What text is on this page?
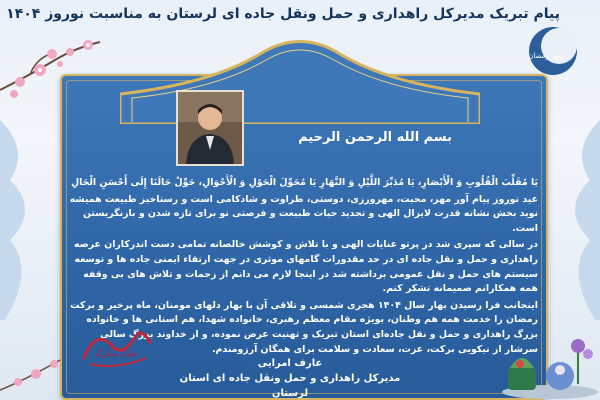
شهر رمضان
پیام تبریک مدیرکل راهداری و حمل ونقل جاده ای لرستان به مناسبت نوروز ۱۴۰۴
بسم الله الرحمن الرحیم

يَا مُقَلِّبَ الْقُلُوبِ وَ الْأَبْصَارِ، يَا مُدَبِّرَ اللَّيْلِ وَ النَّهَارِ يَا مُحَوِّلَ الْحَوْلِ وَ الْأَحْوَالِ، حَوِّلْ حَالَنَا إِلَى أَحْسَنِ الْحَالِ

عید نوروز پیام آور مهر، محبت، مهرورزی، دوستی، طراوت و شادکامی است و رستاخیز طبیعت همیشه نوید بخش نشانه قدرت لایزال الهی و تجدید حیات طبیعت و فرصتی نو برای تازه شدن و بازنگریستن است.

در سالی که سپری شد در پرتو عنایات الهی و با تلاش و کوشش خالصانه تمامی دست اندرکاران عرصه راهداری و حمل و نقل جاده ای در حد مقدورات گامهای موثری در جهت ارتقاء ایمنی جاده ها و توسعه سیستم های حمل و نقل عمومی برداشته شد در اینجا لازم می دانم از زحمات و تلاش های بی وقفه همه همکارانم صمیمانه تشکر کنم.

اینجانب فرا رسیدن بهار سال ۱۴۰۴ هجری شمسی و تلاقی آن با بهار دلهای مومنان، ماه پرخیر و برکت رمضان را خدمت همه هم وطنان، بویژه مقام معظم رهبری، خانواده شهدا، هم استانی ها و خانواده بزرگ راهداری و حمل و نقل جاده‌ای استان تبریک و تهنیت عرض نموده، و از خداوند بزرگ سالی سرشار از نیکویی برکت، عزت، سعادت و سلامت برای همگان آرزومندم.

عارف امرایی
مدیرکل راهداری و حمل ونقل جاده ای استان لرستان
سال مبارک
